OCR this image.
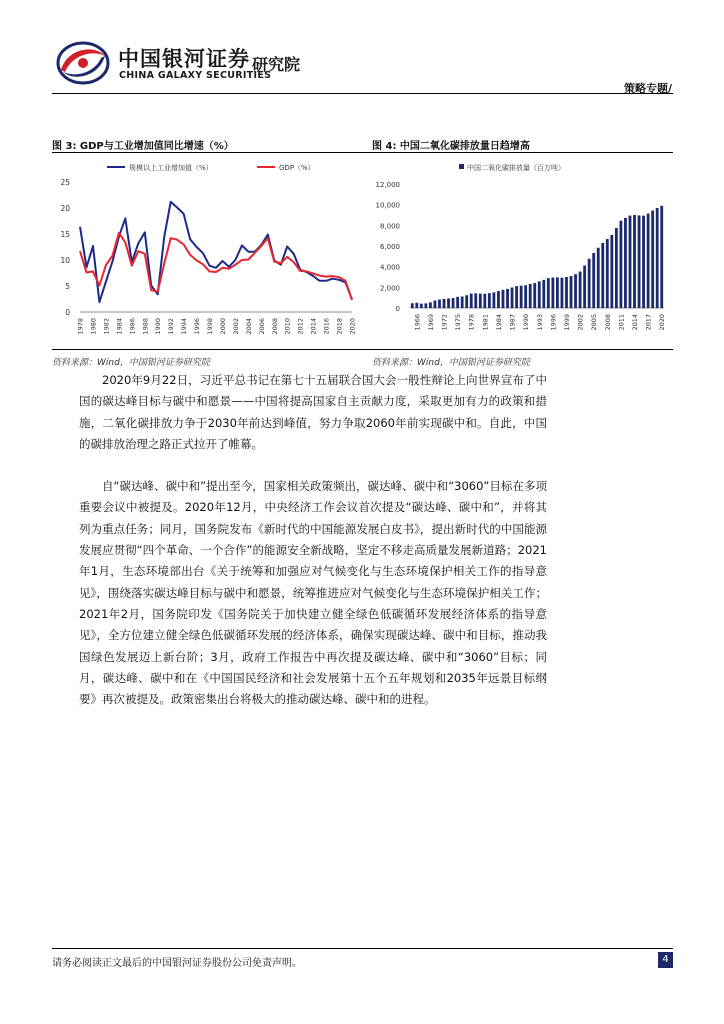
中国银河证券
CHINA GALAXY SECURITIES
研究院
策略专题/
图 3: GDP与工业增加值同比增速（%）	图 4: 中国二氧化碳排放量日趋增高
0
5
10
15
20
25
1978 1980 1982 1984 1986 1988 1990 1992 1994 1996 1998 2000 2002 2004 2006 2008 2010 2012 2014 2016 2018 2020
规模以上工业增加值（%）	GDP（%）
0
2,000
4,000
6,000
8,000
10,000
12,000
中国二氧化碳排放量（百万吨）
1966 1969 1972 1975 1978 1981 1984 1987 1990 1993 1996 1999 2002 2005 2008 2011 2014 2017 2020
资料来源：Wind，中国银河证券研究院	资料来源：Wind，中国银河证券研究院

2020年9月22日，习近平总书记在第七十五届联合国大会一般性辩论上向世界宣布了中国的碳达峰目标与碳中和愿景——中国将提高国家自主贡献力度，采取更加有力的政策和措施，二氧化碳排放力争于2030年前达到峰值，努力争取2060年前实现碳中和。自此，中国的碳排放治理之路正式拉开了帷幕。

自“碳达峰、碳中和”提出至今，国家相关政策频出，碳达峰、碳中和“3060”目标在多项重要会议中被提及。2020年12月，中央经济工作会议首次提及“碳达峰、碳中和”，并将其列为重点任务；同月，国务院发布《新时代的中国能源发展白皮书》，提出新时代的中国能源发展应贯彻“四个革命、一个合作”的能源安全新战略，坚定不移走高质量发展新道路；2021年1月，生态环境部出台《关于统筹和加强应对气候变化与生态环境保护相关工作的指导意见》，围绕落实碳达峰目标与碳中和愿景，统筹推进应对气候变化与生态环境保护相关工作；2021年2月，国务院印发《国务院关于加快建立健全绿色低碳循环发展经济体系的指导意见》，全方位建立健全绿色低碳循环发展的经济体系，确保实现碳达峰、碳中和目标，推动我国绿色发展迈上新台阶；3月，政府工作报告中再次提及碳达峰、碳中和“3060”目标；同月，碳达峰、碳中和在《中国国民经济和社会发展第十五个五年规划和2035年远景目标纲要》再次被提及。政策密集出台将极大的推动碳达峰、碳中和的进程。

请务必阅读正文最后的中国银河证券股份公司免责声明。	4
